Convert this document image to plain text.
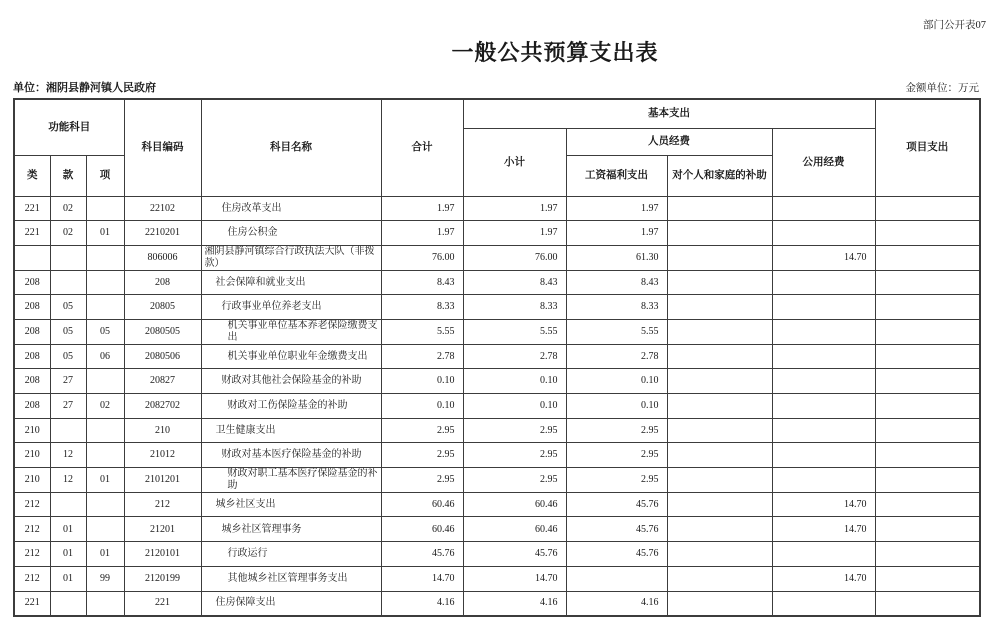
部门公开表07
一般公共预算支出表
单位：湘阴县静河镇人民政府	金额单位：万元
功能科目			科目编码	科目名称	合计	基本支出				项目支出
						小计	人员经费		公用经费	
类	款	项					工资福利支出	对个人和家庭的补助		
221	02		22102	住房改革支出	1.97	1.97	1.97			
221	02	01	2210201	住房公积金	1.97	1.97	1.97			
			806006	湘阴县静河镇综合行政执法大队（非拨款）	76.00	76.00	61.30		14.70	
208			208	社会保障和就业支出	8.43	8.43	8.43			
208	05		20805	行政事业单位养老支出	8.33	8.33	8.33			
208	05	05	2080505	机关事业单位基本养老保险缴费支出	5.55	5.55	5.55			
208	05	06	2080506	机关事业单位职业年金缴费支出	2.78	2.78	2.78			
208	27		20827	财政对其他社会保险基金的补助	0.10	0.10	0.10			
208	27	02	2082702	财政对工伤保险基金的补助	0.10	0.10	0.10			
210			210	卫生健康支出	2.95	2.95	2.95			
210	12		21012	财政对基本医疗保险基金的补助	2.95	2.95	2.95			
210	12	01	2101201	财政对职工基本医疗保险基金的补助	2.95	2.95	2.95			
212			212	城乡社区支出	60.46	60.46	45.76		14.70	
212	01		21201	城乡社区管理事务	60.46	60.46	45.76		14.70	
212	01	01	2120101	行政运行	45.76	45.76	45.76			
212	01	99	2120199	其他城乡社区管理事务支出	14.70	14.70			14.70	
221			221	住房保障支出	4.16	4.16	4.16			
